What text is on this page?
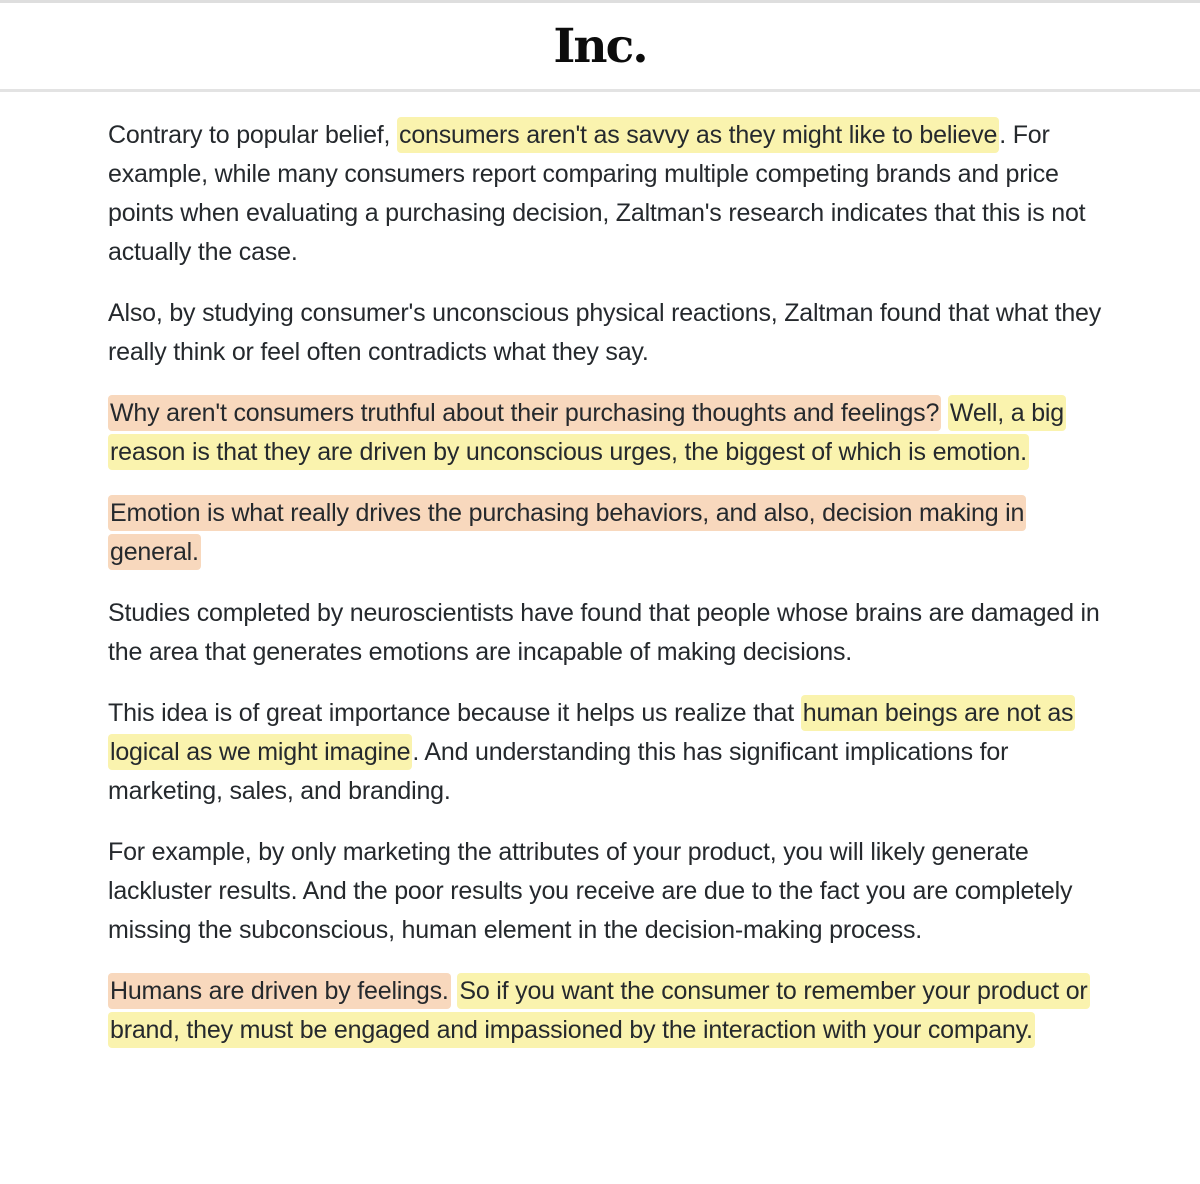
Inc.

Contrary to popular belief, consumers aren't as savvy as they might like to believe. For example, while many consumers report comparing multiple competing brands and price points when evaluating a purchasing decision, Zaltman's research indicates that this is not actually the case.

Also, by studying consumer's unconscious physical reactions, Zaltman found that what they really think or feel often contradicts what they say.

Why aren't consumers truthful about their purchasing thoughts and feelings? Well, a big reason is that they are driven by unconscious urges, the biggest of which is emotion.

Emotion is what really drives the purchasing behaviors, and also, decision making in general.

Studies completed by neuroscientists have found that people whose brains are damaged in the area that generates emotions are incapable of making decisions.

This idea is of great importance because it helps us realize that human beings are not as logical as we might imagine. And understanding this has significant implications for marketing, sales, and branding.

For example, by only marketing the attributes of your product, you will likely generate lackluster results. And the poor results you receive are due to the fact you are completely missing the subconscious, human element in the decision-making process.

Humans are driven by feelings. So if you want the consumer to remember your product or brand, they must be engaged and impassioned by the interaction with your company.
